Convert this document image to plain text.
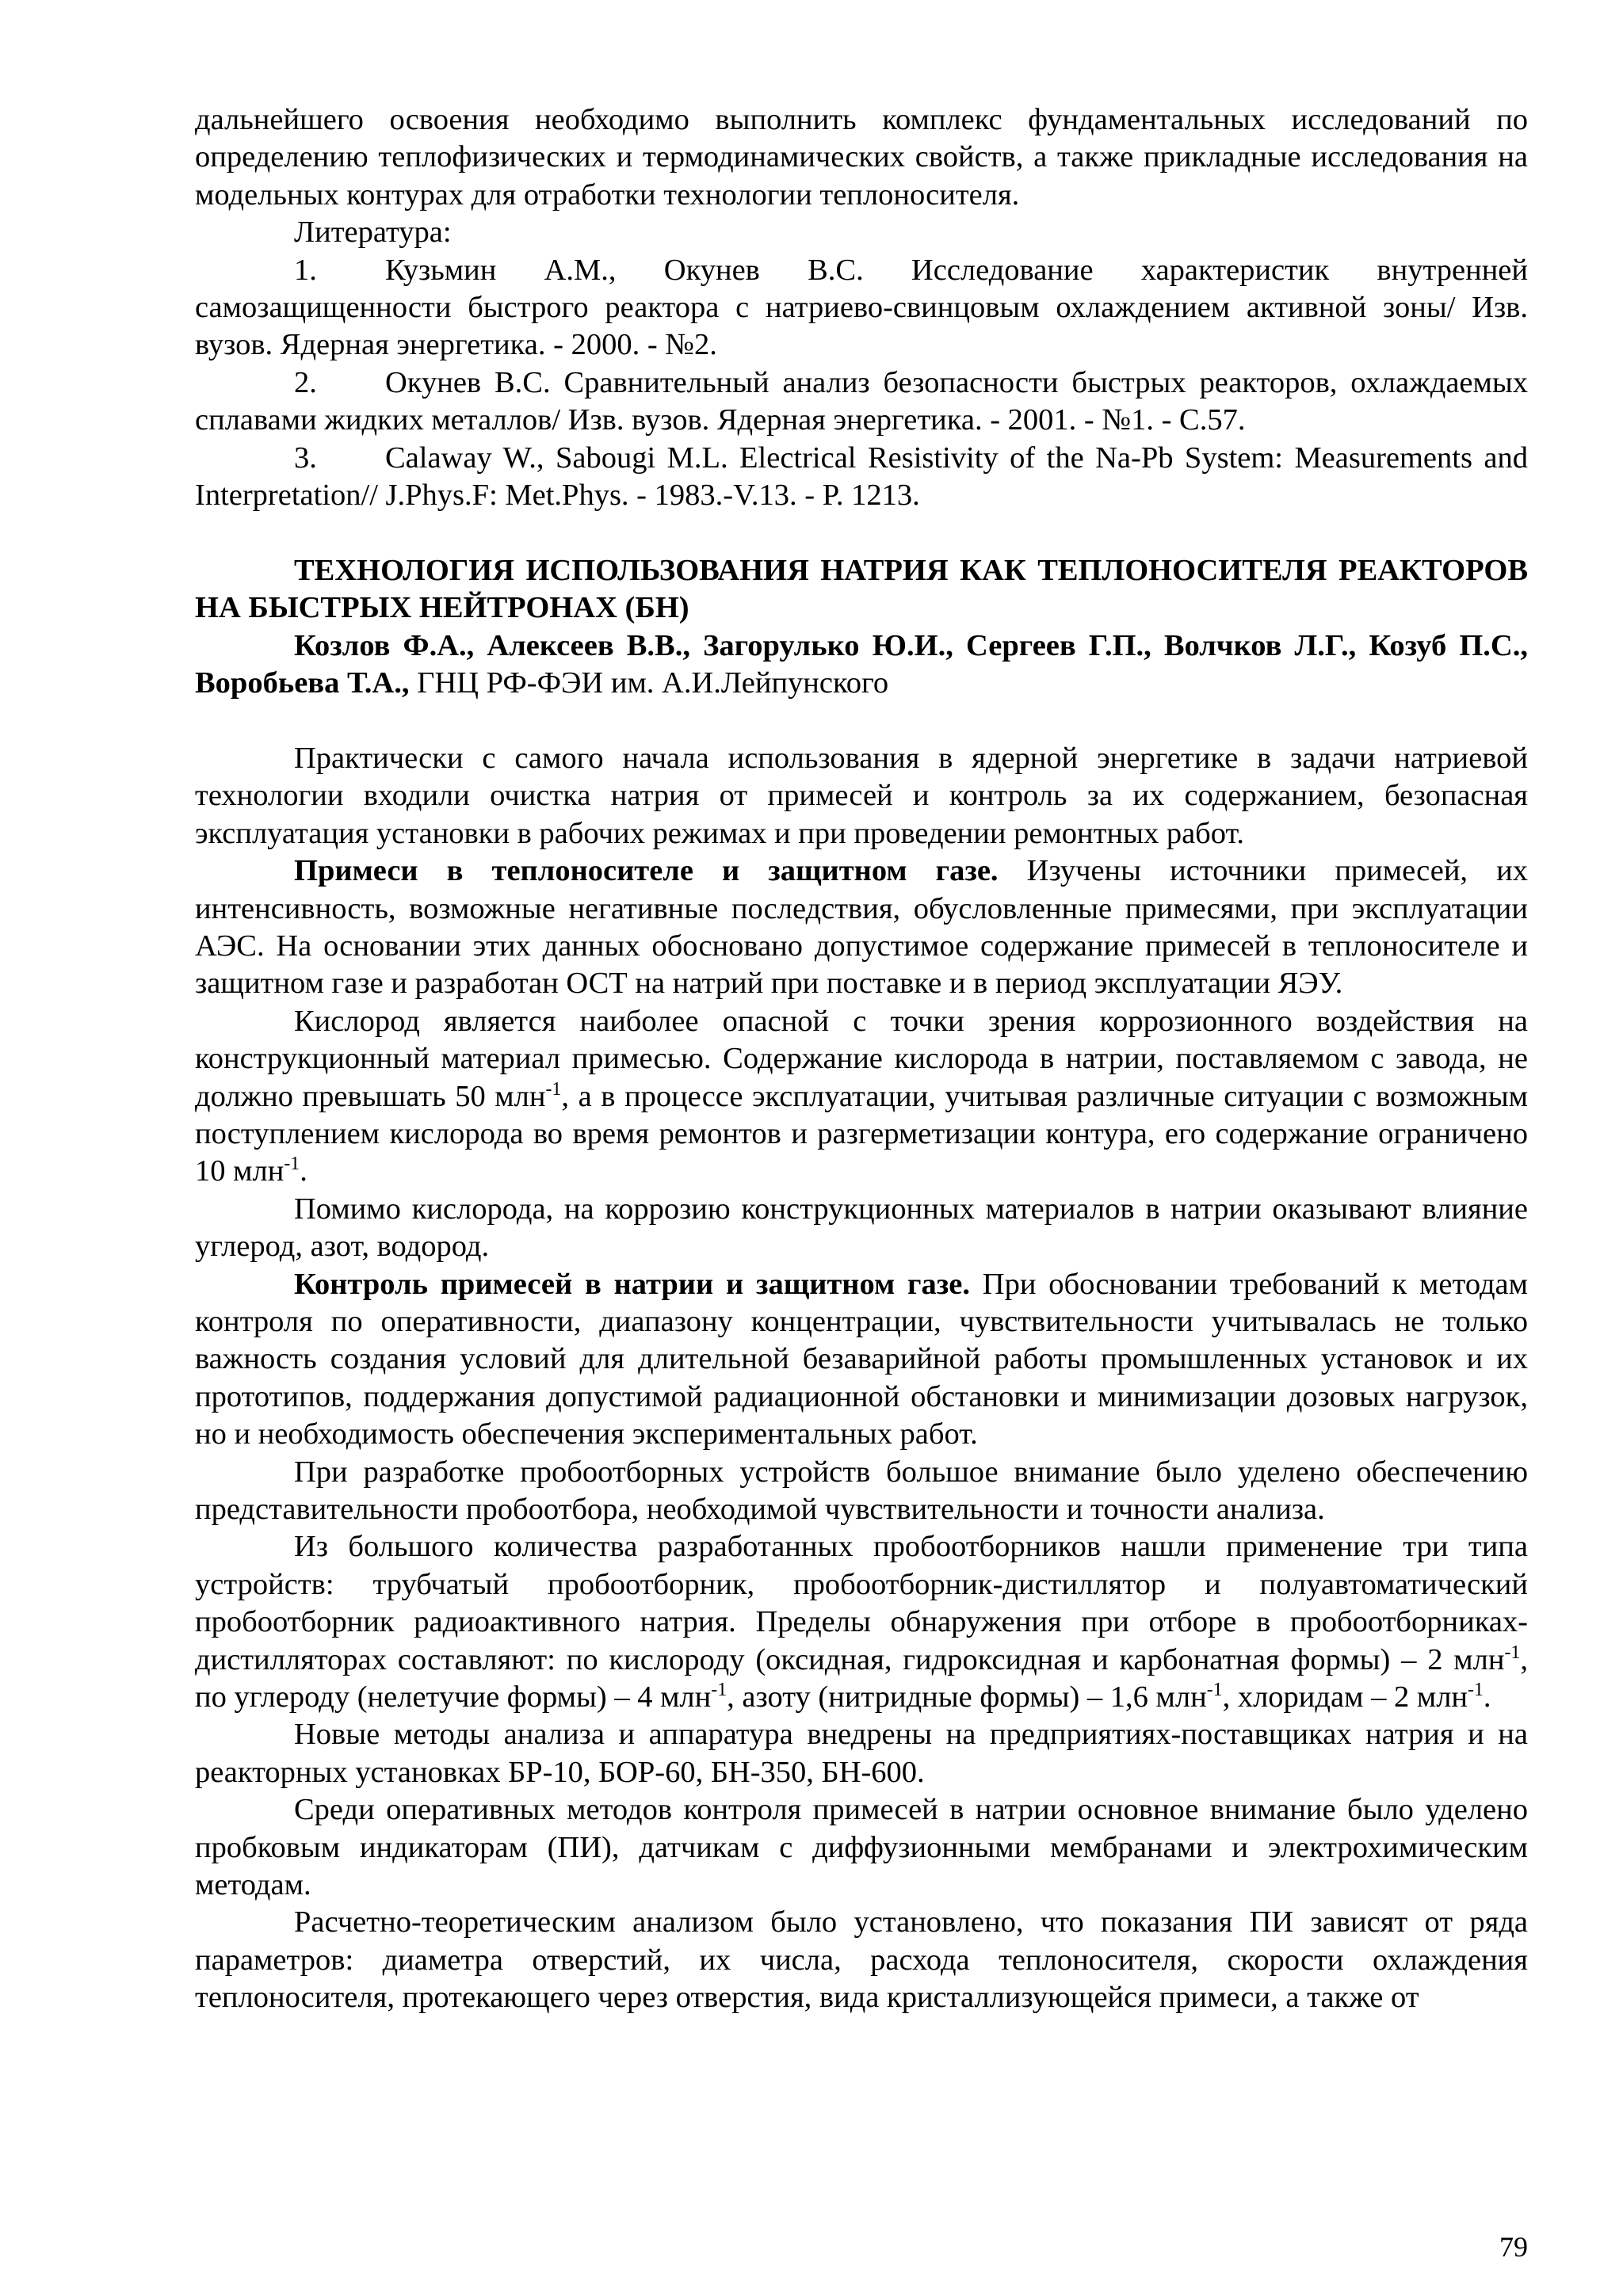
дальнейшего освоения необходимо выполнить комплекс фундаментальных исследований по определению теплофизических и термодинамических свойств, а также прикладные исследования на модельных контурах для отработки технологии теплоносителя.

Литература:

1. Кузьмин А.М., Окунев В.С. Исследование характеристик внутренней самозащищенности быстрого реактора с натриево-свинцовым охлаждением активной зоны/ Изв. вузов. Ядерная энергетика. - 2000. - №2.

2. Окунев В.С. Сравнительный анализ безопасности быстрых реакторов, охлаждаемых сплавами жидких металлов/ Изв. вузов. Ядерная энергетика. - 2001. - №1. - С.57.

3. Calaway W., Sabougi M.L. Electrical Resistivity of the Na-Pb System: Measurements and Interpretation// J.Phys.F: Met.Phys. - 1983.-V.13. - P. 1213.

ТЕХНОЛОГИЯ ИСПОЛЬЗОВАНИЯ НАТРИЯ КАК ТЕПЛОНОСИТЕЛЯ РЕАКТОРОВ НА БЫСТРЫХ НЕЙТРОНАХ (БН)

Козлов Ф.А., Алексеев В.В., Загорулько Ю.И., Сергеев Г.П., Волчков Л.Г., Козуб П.С., Воробьева Т.А., ГНЦ РФ-ФЭИ им. А.И.Лейпунского

Практически с самого начала использования в ядерной энергетике в задачи натриевой технологии входили очистка натрия от примесей и контроль за их содержанием, безопасная эксплуатация установки в рабочих режимах и при проведении ремонтных работ.

Примеси в теплоносителе и защитном газе. Изучены источники примесей, их интенсивность, возможные негативные последствия, обусловленные примесями, при эксплуатации АЭС. На основании этих данных обосновано допустимое содержание примесей в теплоносителе и защитном газе и разработан ОСТ на натрий при поставке и в период эксплуатации ЯЭУ.

Кислород является наиболее опасной с точки зрения коррозионного воздействия на конструкционный материал примесью. Содержание кислорода в натрии, поставляемом с завода, не должно превышать 50 млн$^{-1}$, а в процессе эксплуатации, учитывая различные ситуации с возможным поступлением кислорода во время ремонтов и разгерметизации контура, его содержание ограничено 10 млн$^{-1}$.

Помимо кислорода, на коррозию конструкционных материалов в натрии оказывают влияние углерод, азот, водород.

Контроль примесей в натрии и защитном газе. При обосновании требований к методам контроля по оперативности, диапазону концентрации, чувствительности учитывалась не только важность создания условий для длительной безаварийной работы промышленных установок и их прототипов, поддержания допустимой радиационной обстановки и минимизации дозовых нагрузок, но и необходимость обеспечения экспериментальных работ.

При разработке пробоотборных устройств большое внимание было уделено обеспечению представительности пробоотбора, необходимой чувствительности и точности анализа.

Из большого количества разработанных пробоотборников нашли применение три типа устройств: трубчатый пробоотборник, пробоотборник-дистиллятор и полуавтоматический пробоотборник радиоактивного натрия. Пределы обнаружения при отборе в пробоотборниках-дистилляторах составляют: по кислороду (оксидная, гидроксидная и карбонатная формы) – 2 млн$^{-1}$, по углероду (нелетучие формы) – 4 млн$^{-1}$, азоту (нитридные формы) – 1,6 млн$^{-1}$, хлоридам – 2 млн$^{-1}$.

Новые методы анализа и аппаратура внедрены на предприятиях-поставщиках натрия и на реакторных установках БР-10, БОР-60, БН-350, БН-600.

Среди оперативных методов контроля примесей в натрии основное внимание было уделено пробковым индикаторам (ПИ), датчикам с диффузионными мембранами и электрохимическим методам.

Расчетно-теоретическим анализом было установлено, что показания ПИ зависят от ряда параметров: диаметра отверстий, их числа, расхода теплоносителя, скорости охлаждения теплоносителя, протекающего через отверстия, вида кристаллизующейся примеси, а также от

79
